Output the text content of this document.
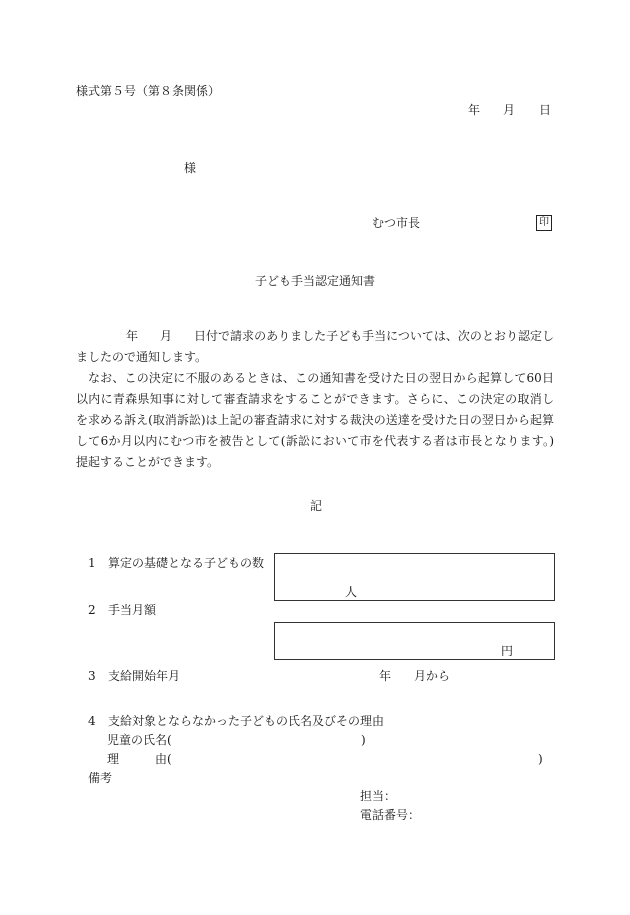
様式第５号（第８条関係）
年 月 日
様
むつ市長	印
子ども手当認定通知書
年 月 日付で請求のありました子ども手当については、次のとおり認定しましたので通知します。
なお、この決定に不服のあるときは、この通知書を受けた日の翌日から起算して60日以内に青森県知事に対して審査請求をすることができます。さらに、この決定の取消しを求める訴え(取消訴訟)は上記の審査請求に対する裁決の送達を受けた日の翌日から起算して6か月以内にむつ市を被告として(訴訟において市を代表する者は市長となります。)提起することができます。
記
1 算定の基礎となる子どもの数
人
2 手当月額
円
3 支給開始年月	年 月から
4 支給対象とならなかった子どもの氏名及びその理由
児童の氏名(	)
理	由(	)
備考
担当：
電話番号：
